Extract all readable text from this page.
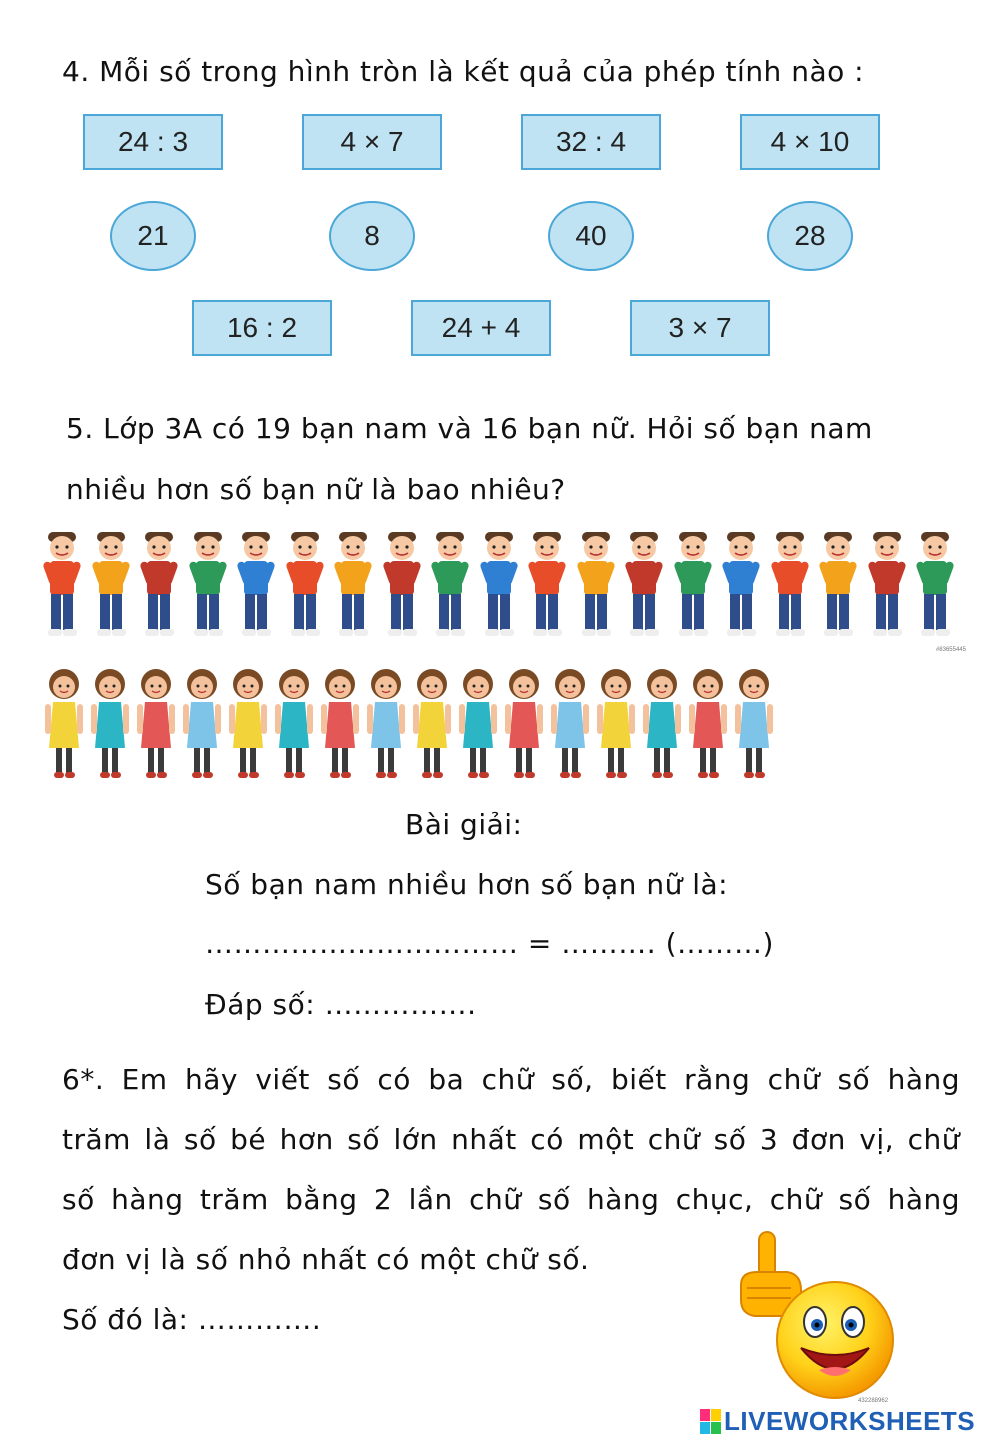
4. Mỗi số trong hình tròn là kết quả của phép tính nào :
24 : 3	4 × 7	32 : 4	4 × 10
21	8	40	28
16 : 2	24 + 4	3 × 7
5. Lớp 3A có 19 bạn nam và 16 bạn nữ. Hỏi số bạn nam
nhiều hơn số bạn nữ là bao nhiêu?
#83655445
Bài giải:
Số bạn nam nhiều hơn số bạn nữ là:
…………………………… = ………. (………)
Đáp số: …………….
6*. Em hãy viết số có ba chữ số, biết rằng chữ số hàng
trăm là số bé hơn số lớn nhất có một chữ số 3 đơn vị, chữ
số hàng trăm bằng 2 lần chữ số hàng chục, chữ số hàng
đơn vị là số nhỏ nhất có một chữ số.
Số đó là: ………….
432288962
LIVEWORKSHEETS
